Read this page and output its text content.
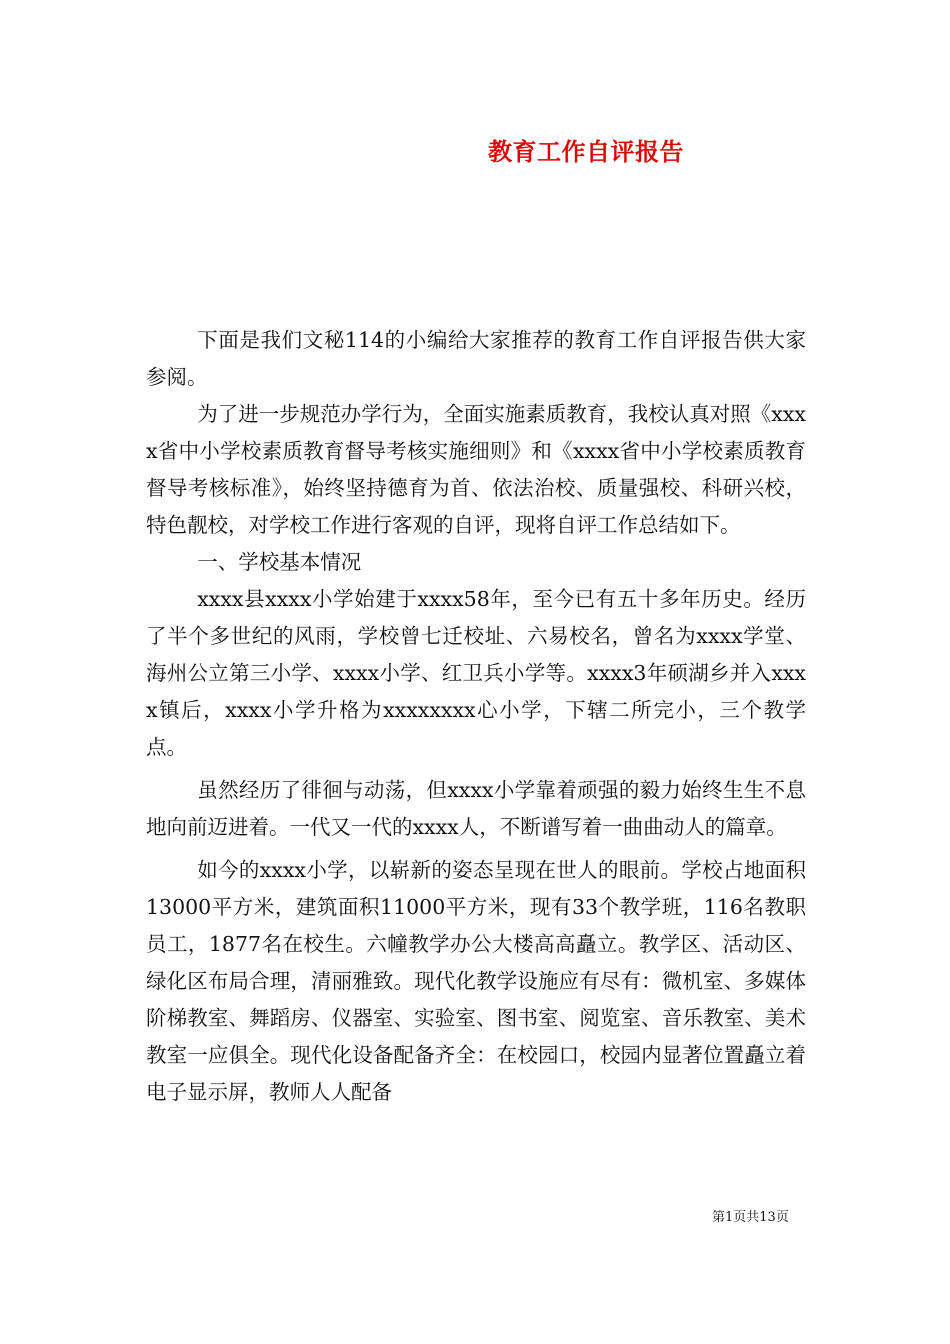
教育工作自评报告

下面是我们文秘114的小编给大家推荐的教育工作自评报告供大家参阅。

为了进一步规范办学行为，全面实施素质教育，我校认真对照《xxxx省中小学校素质教育督导考核实施细则》和《xxxx省中小学校素质教育督导考核标准》，始终坚持德育为首、依法治校、质量强校、科研兴校，特色靓校，对学校工作进行客观的自评，现将自评工作总结如下。

一、学校基本情况

xxxx县xxxx小学始建于xxxx58年，至今已有五十多年历史。经历了半个多世纪的风雨，学校曾七迁校址、六易校名，曾名为xxxx学堂、海州公立第三小学、xxxx小学、红卫兵小学等。xxxx3年硕湖乡并入xxxx镇后，xxxx小学升格为xxxxxxxx心小学，下辖二所完小，三个教学点。

虽然经历了徘徊与动荡，但xxxx小学靠着顽强的毅力始终生生不息地向前迈进着。一代又一代的xxxx人，不断谱写着一曲曲动人的篇章。

如今的xxxx小学，以崭新的姿态呈现在世人的眼前。学校占地面积13000平方米，建筑面积11000平方米，现有33个教学班，116名教职员工，1877名在校生。六幢教学办公大楼高高矗立。教学区、活动区、绿化区布局合理，清丽雅致。现代化教学设施应有尽有：微机室、多媒体阶梯教室、舞蹈房、仪器室、实验室、图书室、阅览室、音乐教室、美术教室一应俱全。现代化设备配备齐全：在校园口，校园内显著位置矗立着电子显示屏，教师人人配备

第1页共13页
